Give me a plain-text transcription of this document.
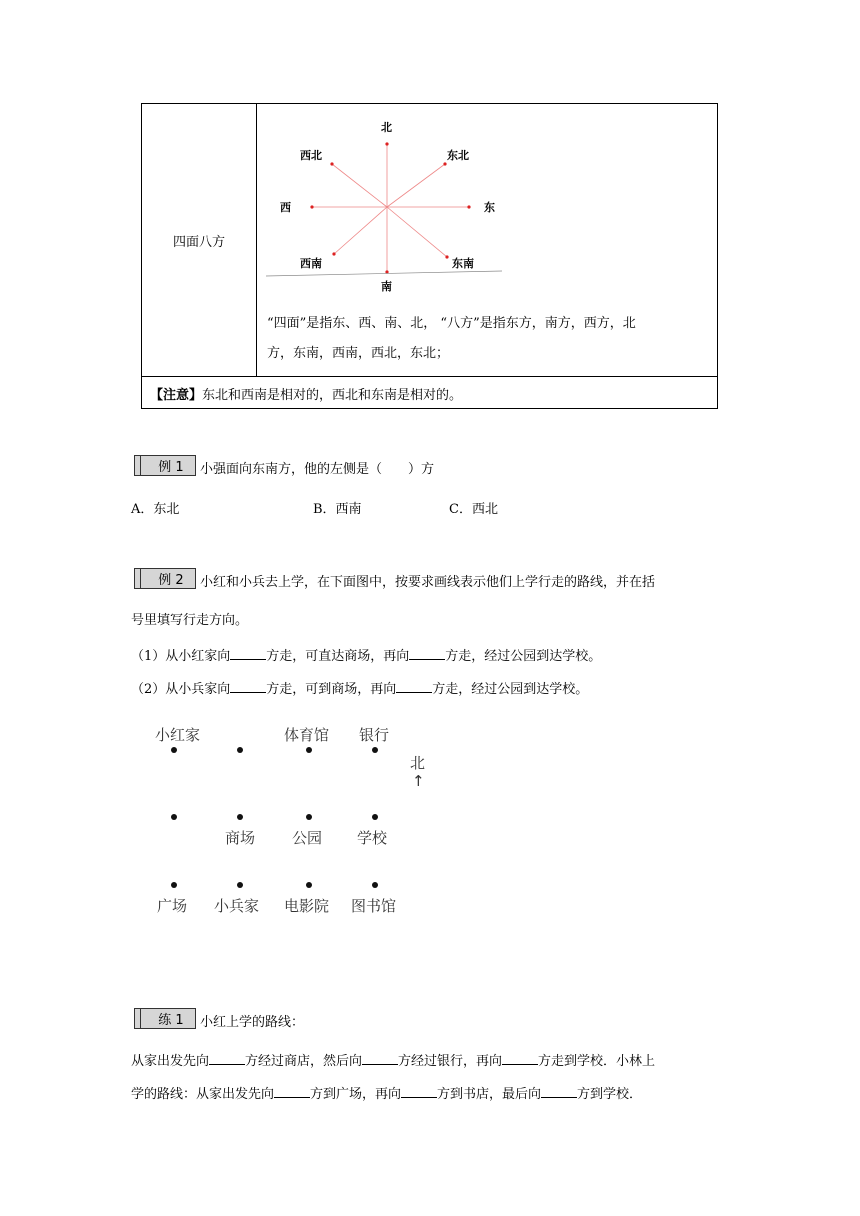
四面八方
北
南
东
西
东北
西北
东南
西南
“四面”是指东、西、南、北， “八方”是指东方，南方，西方，北
方，东南，西南，西北，东北；
【注意】东北和西南是相对的，西北和东南是相对的。
例 1	小强面向东南方，他的左侧是（　　）方
A．东北	B．西南	C．西北
例 2	小红和小兵去上学，在下面图中，按要求画线表示他们上学行走的路线，并在括
号里填写行走方向。
（1）从小红家向	方走，可直达商场，再向	方走，经过公园到达学校。
（2）从小兵家向	方走，可到商场，再向	方走，经过公园到达学校。
小红家	体育馆 银行
北
↑
商场 公园 学校
广场 小兵家 电影院 图书馆
练 1	小红上学的路线：
从家出发先向	方经过商店，然后向	方经过银行，再向	方走到学校．小林上
学的路线：从家出发先向	方到广场，再向	方到书店，最后向	方到学校．
